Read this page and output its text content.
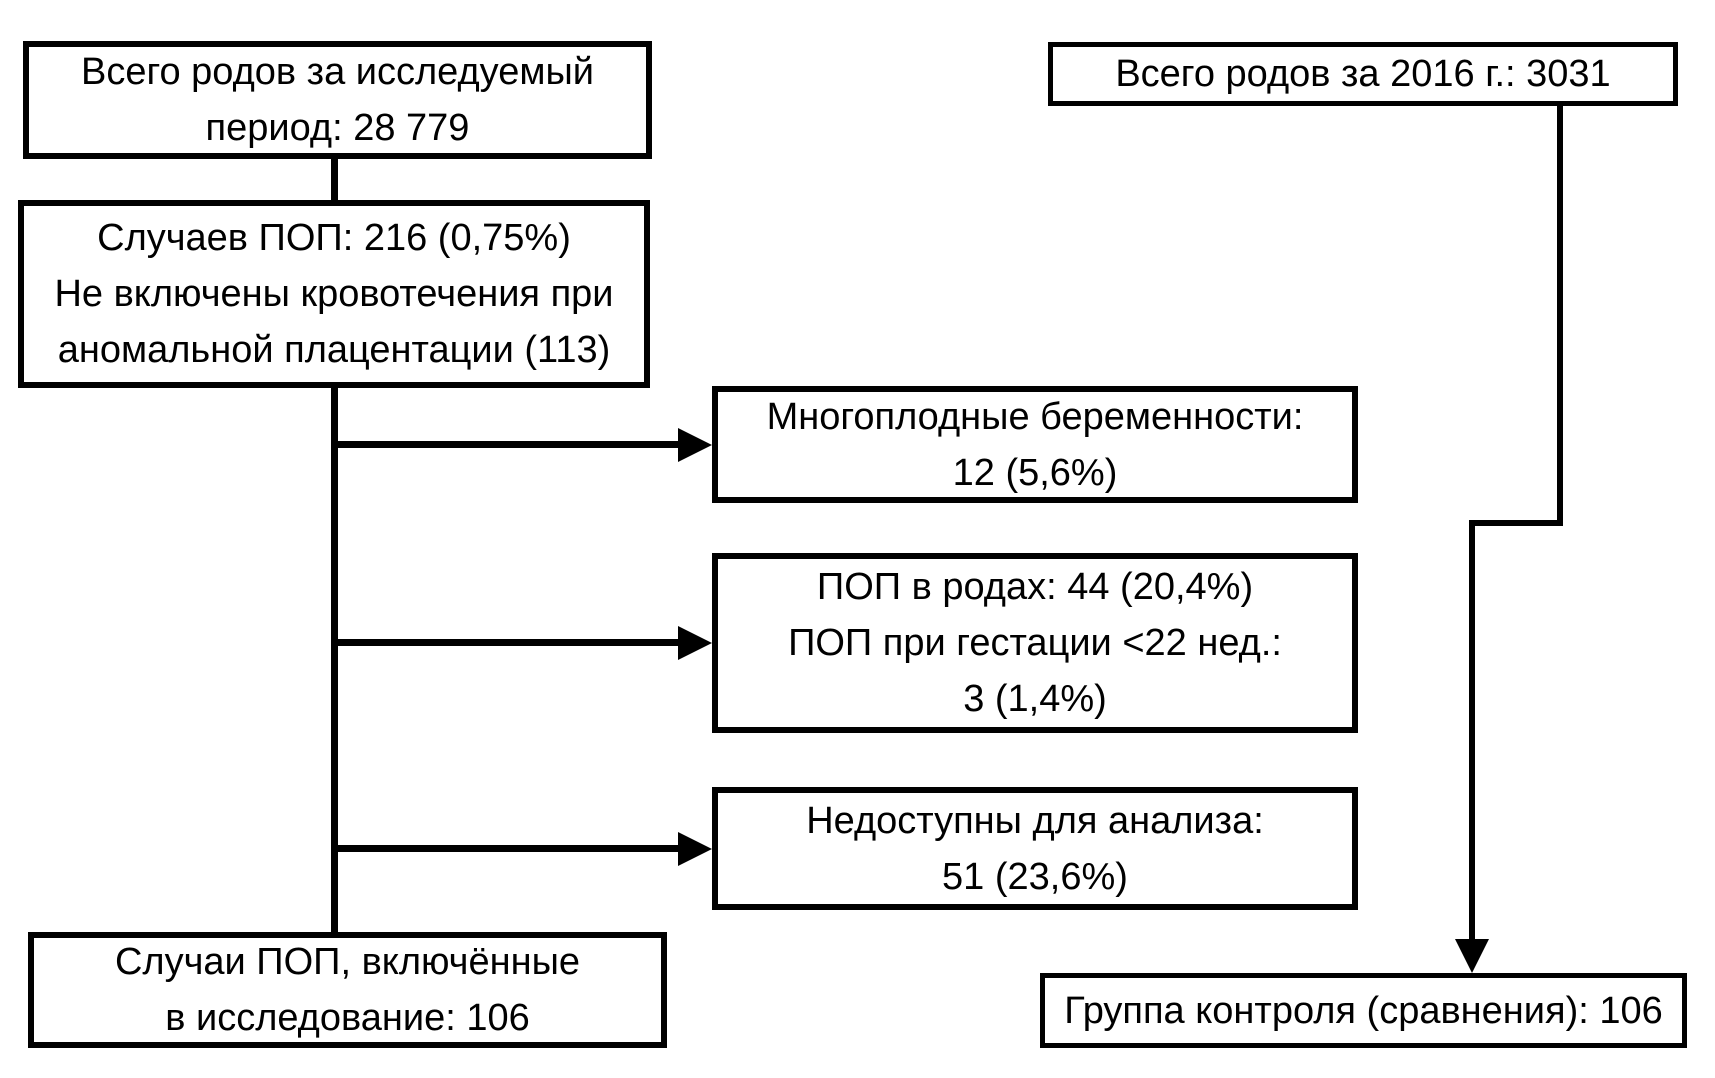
Всего родов за исследуемый
период: 28 779
Случаев ПОП: 216 (0,75%)
Не включены кровотечения при
аномальной плацентации (113)
Случаи ПОП, включённые
в исследование: 106
Многоплодные беременности:
12 (5,6%)
ПОП в родах: 44 (20,4%)
ПОП при гестации <22 нед.:
3 (1,4%)
Недоступны для анализа:
51 (23,6%)
Всего родов за 2016 г.: 3031
Группа контроля (сравнения): 106
